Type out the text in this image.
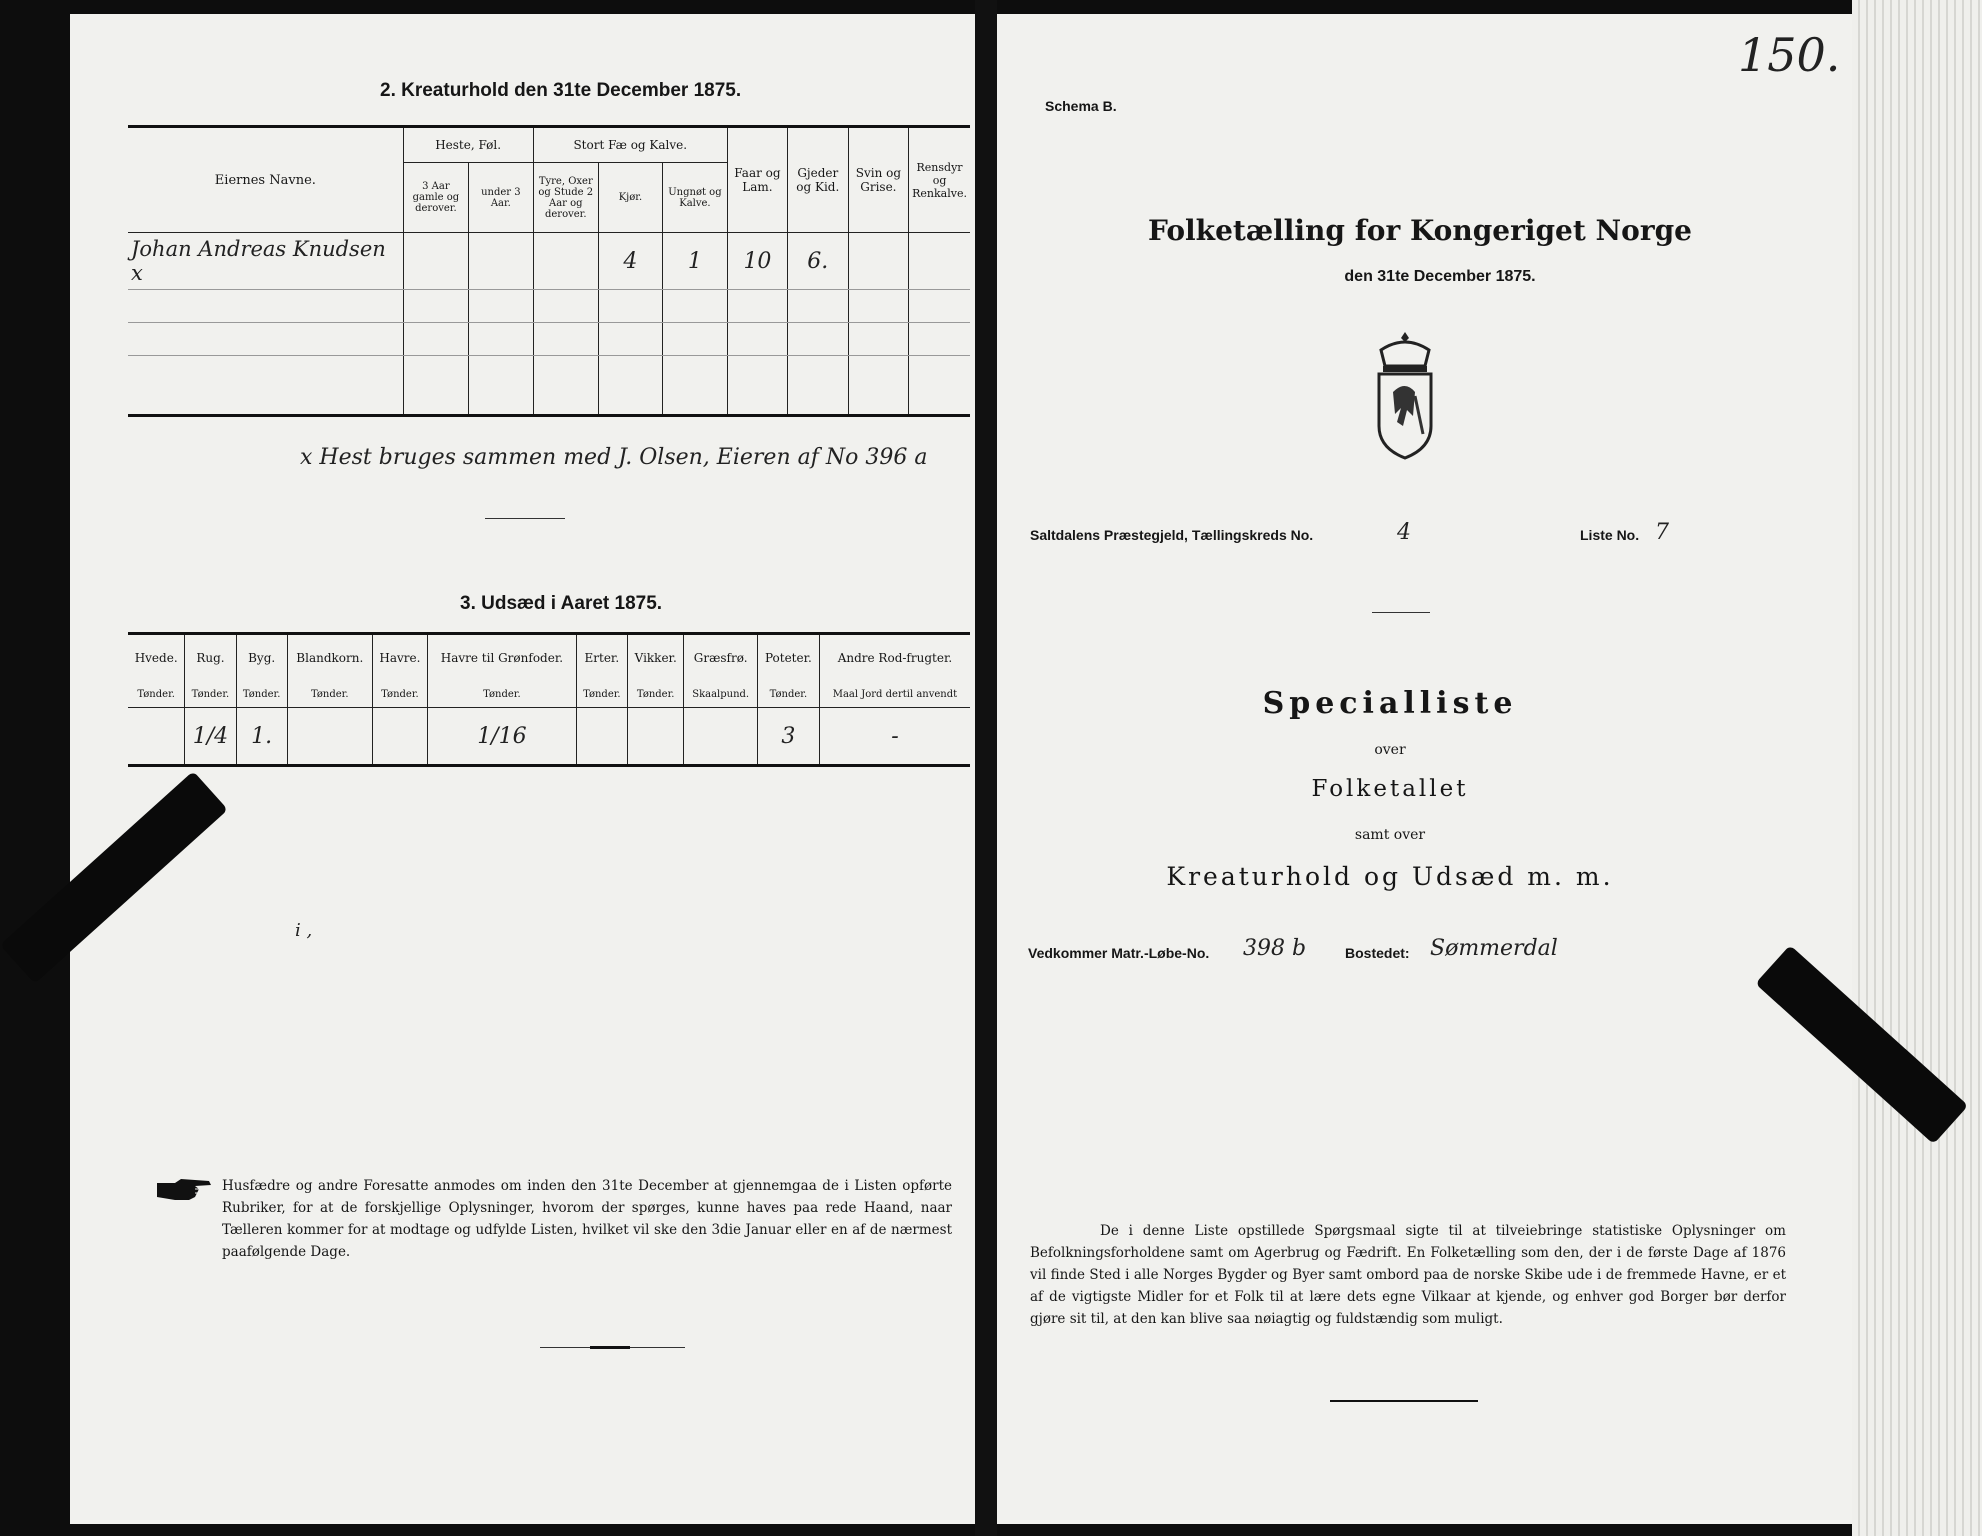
2. Kreaturhold den 31te December 1875.
Eiernes Navne.	Heste, Føl.		Stort Fæ og Kalve.			Faar og Lam.	Gjeder og Kid.	Svin og Grise.	Rensdyr og Renkalve.
	3 Aar gamle og derover.	under 3 Aar.	Tyre, Oxer og Stude 2 Aar og derover.	Kjør.	Ungnøt og Kalve.				
Johan Andreas Knudsen x				4	1	10	6.		

x Hest bruges sammen med J. Olsen, Eieren af No 396 a
3. Udsæd i Aaret 1875.
Hvede.	Rug.	Byg.	Blandkorn.	Havre.	Havre til Grønfoder.	Erter.	Vikker.	Græsfrø.	Poteter.	Andre Rod-frugter.
Tønder.	Tønder.	Tønder.	Tønder.	Tønder.	Tønder.	Tønder.	Tønder.	Skaalpund.	Tønder.	Maal Jord dertil anvendt
	1/4	1.			1/16				3	-
i ,
Husfædre og andre Foresatte anmodes om inden den 31te December at gjennemgaa de i Listen opførte Rubriker, for at de forskjellige Oplysninger, hvorom der spørges, kunne haves paa rede Haand, naar Tælleren kommer for at modtage og udfylde Listen, hvilket vil ske den 3die Januar eller en af de nærmest paafølgende Dage.
Schema B.
150.
Folketælling for Kongeriget Norge
den 31te December 1875.
Saltdalens Præstegjeld, Tællingskreds No.	4	Liste No. 7
Specialliste
over
Folketallet
samt over
Kreaturhold og Udsæd m. m.
Vedkommer Matr.-Løbe-No. 398 b	Bostedet: Sømmerdal
De i denne Liste opstillede Spørgsmaal sigte til at tilveiebringe statistiske Oplysninger om Befolkningsforholdene samt om Agerbrug og Fædrift. En Folketælling som den, der i de første Dage af 1876 vil finde Sted i alle Norges Bygder og Byer samt ombord paa de norske Skibe ude i de fremmede Havne, er et af de vigtigste Midler for et Folk til at lære dets egne Vilkaar at kjende, og enhver god Borger bør derfor gjøre sit til, at den kan blive saa nøiagtig og fuldstændig som muligt.
